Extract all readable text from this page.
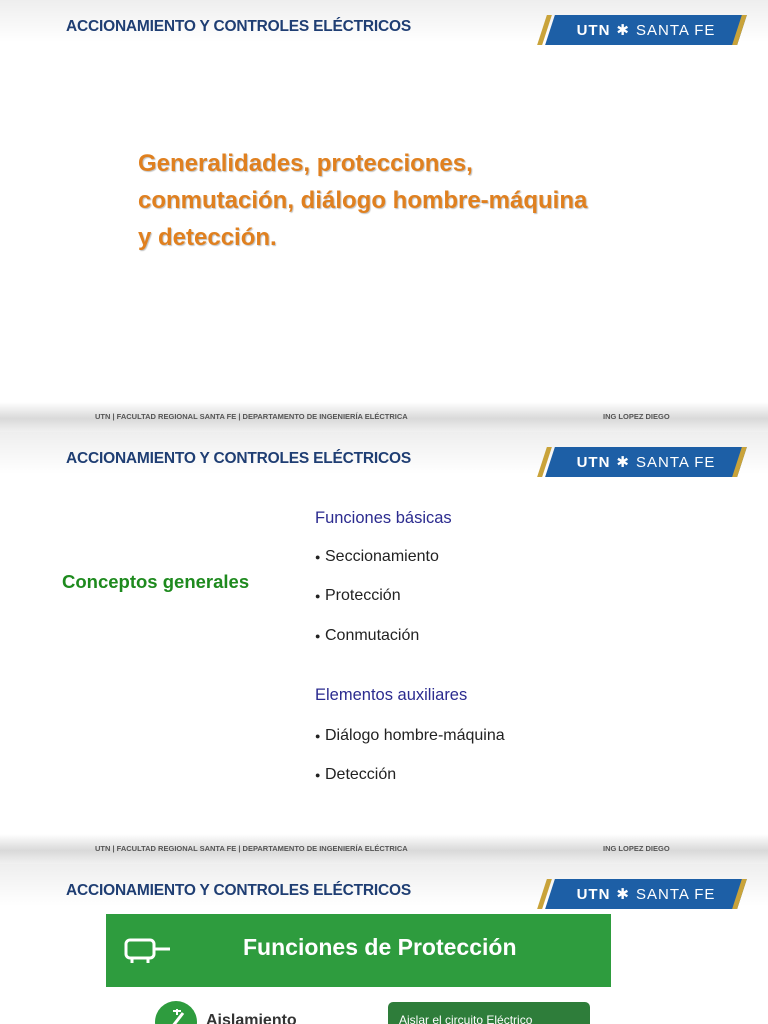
ACCIONAMIENTO Y CONTROLES ELÉCTRICOS	UTN ✱ SANTA FE
Generalidades, protecciones,
conmutación, diálogo hombre-máquina
y detección.
UTN | FACULTAD REGIONAL SANTA FE | DEPARTAMENTO DE INGENIERÍA ELÉCTRICA	ING LOPEZ DIEGO
ACCIONAMIENTO Y CONTROLES ELÉCTRICOS	UTN ✱ SANTA FE
Conceptos generales
Funciones básicas
● Seccionamiento
● Protección
● Conmutación
Elementos auxiliares
● Diálogo hombre-máquina
● Detección
UTN | FACULTAD REGIONAL SANTA FE | DEPARTAMENTO DE INGENIERÍA ELÉCTRICA	ING LOPEZ DIEGO
ACCIONAMIENTO Y CONTROLES ELÉCTRICOS	UTN ✱ SANTA FE
Funciones de Protección
Aislamiento	Aislar el circuito Eléctrico
